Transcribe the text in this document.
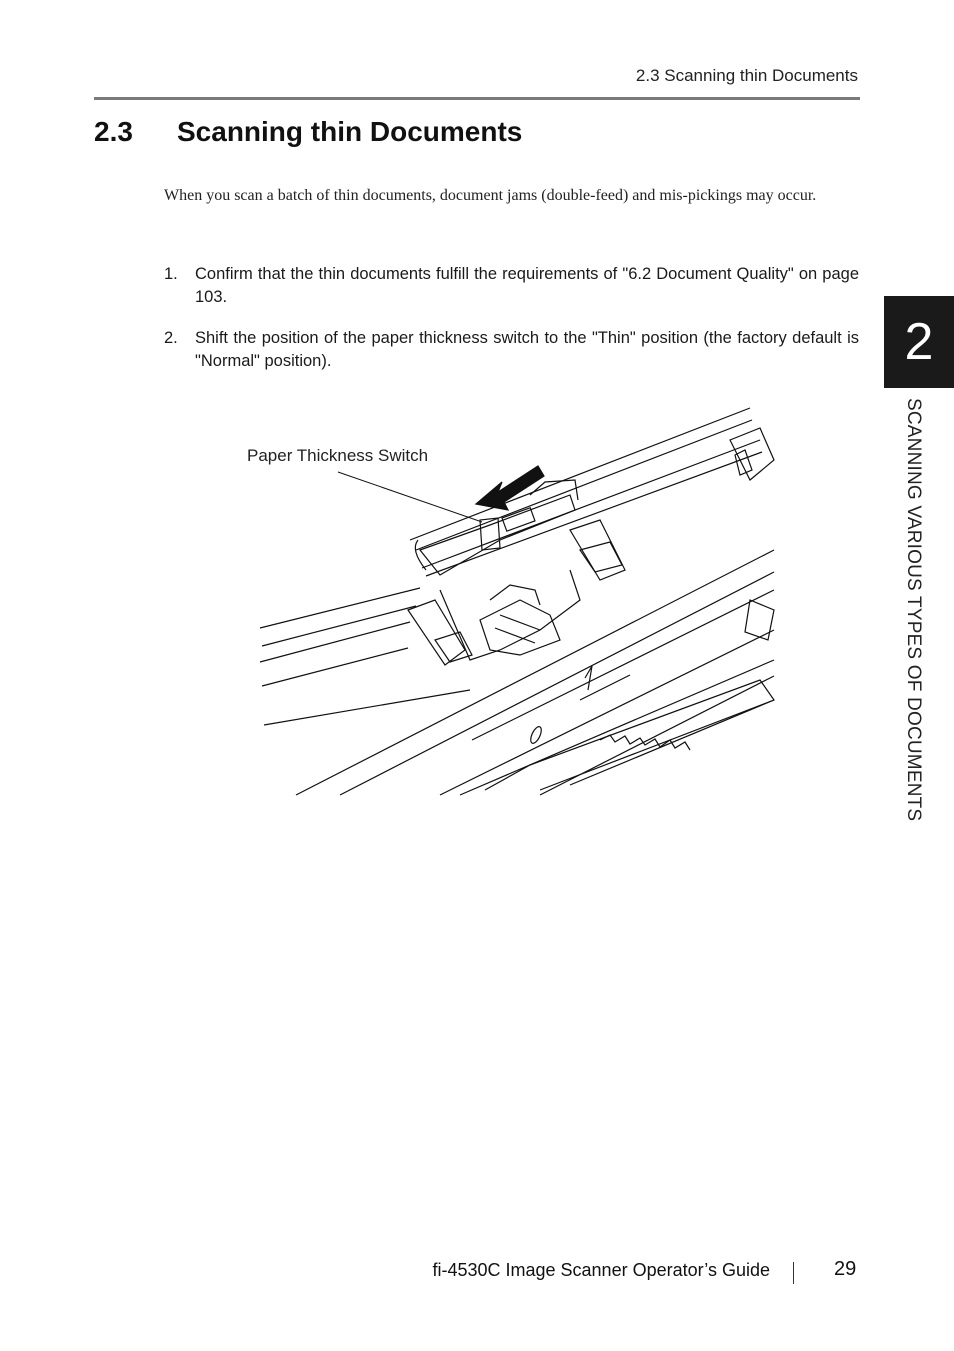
2.3 Scanning thin Documents
2.3 Scanning thin Documents

When you scan a batch of thin documents, document jams (double-feed) and mis-pickings may occur.

1. Confirm that the thin documents fulfill the requirements of "6.2 Document Quality" on page 103.
2. Shift the position of the paper thickness switch to the "Thin" position (the factory default is "Normal" position).
Paper Thickness Switch
2
SCANNING VARIOUS TYPES OF DOCUMENTS
fi-4530C Image Scanner Operator’s Guide	29
